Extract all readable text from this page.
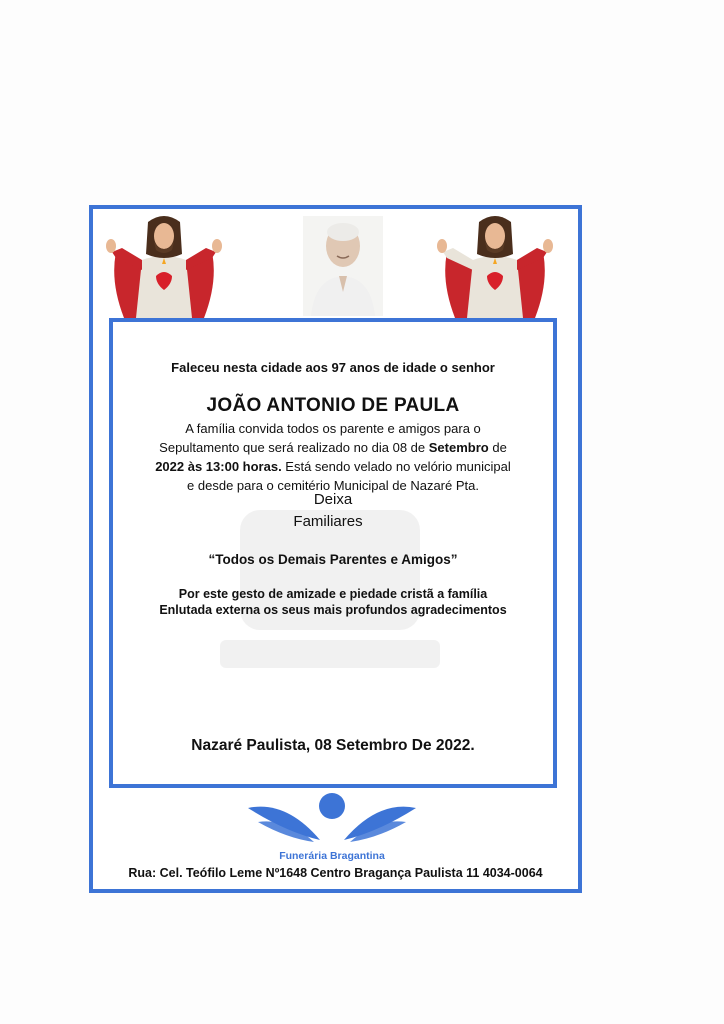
Faleceu nesta cidade aos 97 anos de idade o senhor
JOÃO ANTONIO DE PAULA
A família convida todos os parente e amigos para o
Sepultamento que será realizado no dia 08 de Setembro de
2022 às 13:00 horas. Está sendo velado no velório municipal
e desde para o cemitério Municipal de Nazaré Pta.
Deixa
Familiares
“Todos os Demais Parentes e Amigos”
Por este gesto de amizade e piedade cristã a família
Enlutada externa os seus mais profundos agradecimentos
Nazaré Paulista, 08 Setembro De 2022.
Funerária Bragantina
Rua: Cel. Teófilo Leme Nº1648 Centro Bragança Paulista 11 4034-0064
